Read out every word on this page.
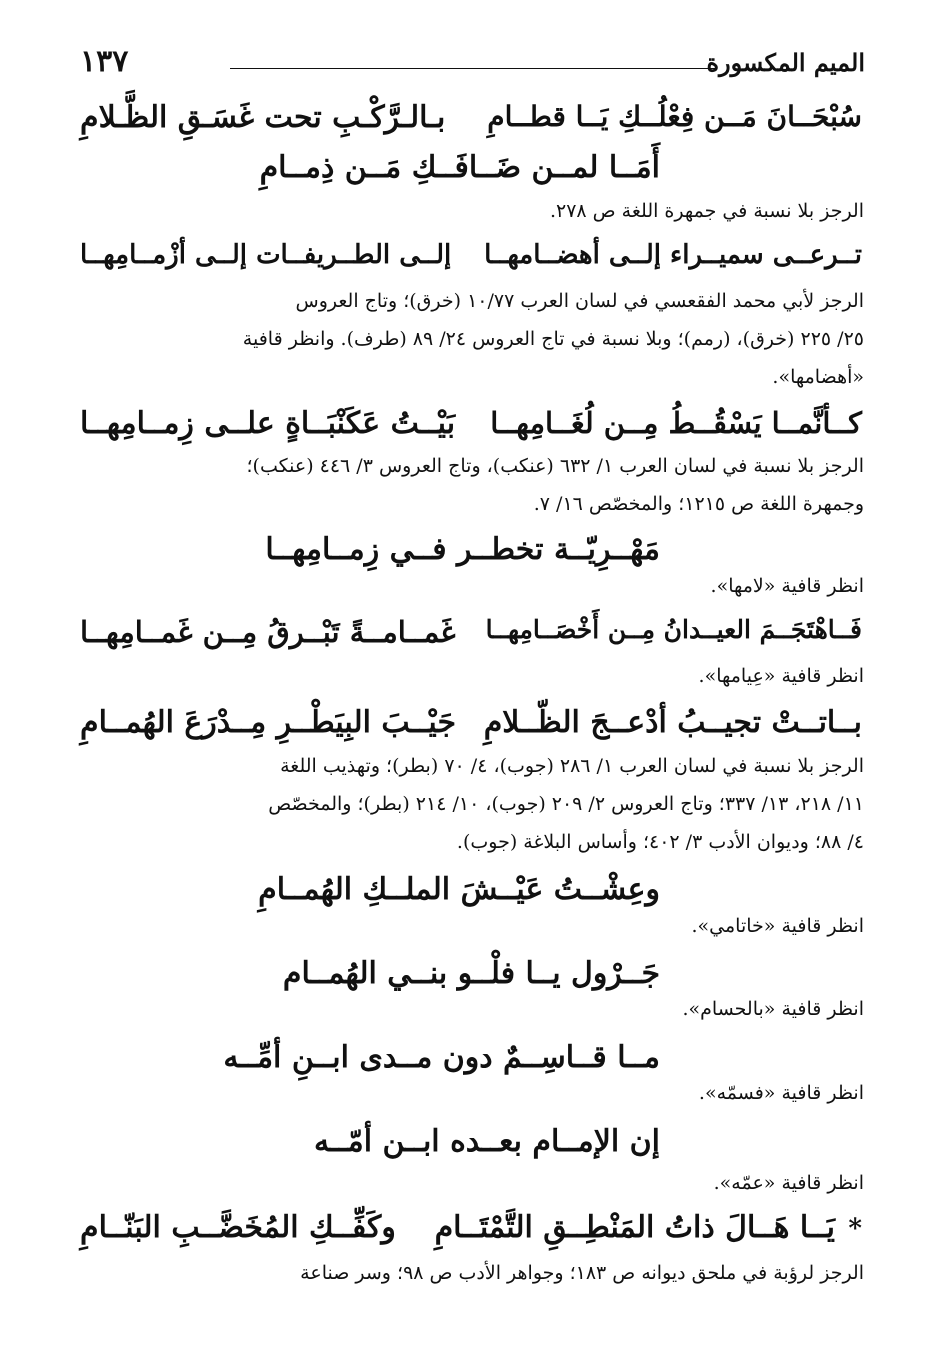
١٣٧	الميم المكسورة
سُبْحَــانَ مَــن فِعْلُــكِ يَــا قطــامِ
بـالـرَّكْـبِ تحت غَسَـقِ الظَّـلامِ
أَمَــا لمــن ضَــافَــكِ مَــن ذِمــامِ
الرجز بلا نسبة في جمهرة اللغة ص ٢٧٨.
تــرعــى سميــراء إلــى أهضــامهــا
إلــى الطــريفــات إلــى أزْمــامِهــا
الرجز لأبي محمد الفقعسي في لسان العرب ١٠/٧٧ (خرق)؛ وتاج العروس
٢٥/ ٢٢٥ (خرق)، (رمم)؛ وبلا نسبة في تاج العروس ٢٤/ ٨٩ (طرف). وانظر قافية
«أهضامها».
كــأنَّمــا يَسْقُــطُ مِــن لُغَــامِهــا
بَيْــتُ عَكَنْبَــاةٍ علــى زِمــامِهــا
الرجز بلا نسبة في لسان العرب ١/ ٦٣٢ (عنكب)، وتاج العروس ٣/ ٤٤٦ (عنكب)؛
وجمهرة اللغة ص ١٢١٥؛ والمخصّص ١٦/ ٧.
مَهْــرِيّــة تخطــر فــي زِمــامِهــا
انظر قافية «لامها».
فَــاهْتَجَــمَ العيــدانُ مِــن أَخْصَــامِهــا
غَمــامــةً تَبْــرقُ مِــن غَمــامِهــا
انظر قافية «عِيامها».
بــاتــتْ تجيــبُ أدْعــجَ الظّــلامِ
جَيْــبَ البِيَطْــرِ مِــدْرَعَ الهُمــامِ
الرجز بلا نسبة في لسان العرب ١/ ٢٨٦ (جوب)، ٤/ ٧٠ (بطر)؛ وتهذيب اللغة
١١/ ٢١٨، ١٣/ ٣٣٧؛ وتاج العروس ٢/ ٢٠٩ (جوب)، ١٠/ ٢١٤ (بطر)؛ والمخصّص
٤/ ٨٨؛ وديوان الأدب ٣/ ٤٠٢؛ وأساس البلاغة (جوب).
وعِشْــتُ عَيْــشَ الملــكِ الهُمــامِ
انظر قافية «خاتامي».
جَــرْول يــا فلْــو بنــي الهُمــام
انظر قافية «بالحسام».
مــا قــاسِــمٌ دون مــدى ابــنِ أمِّــه
انظر قافية «فسمّه».
إن الإمــام بعــده ابــن أمّــه
انظر قافية «عمّه».
*
يَــا هَــالَ ذاتُ المَنْطِــقِ التَّمْتَــامِ
وكَفِّــكِ المُخَضَّــبِ البَنّــامِ
الرجز لرؤبة في ملحق ديوانه ص ١٨٣؛ وجواهر الأدب ص ٩٨؛ وسر صناعة
